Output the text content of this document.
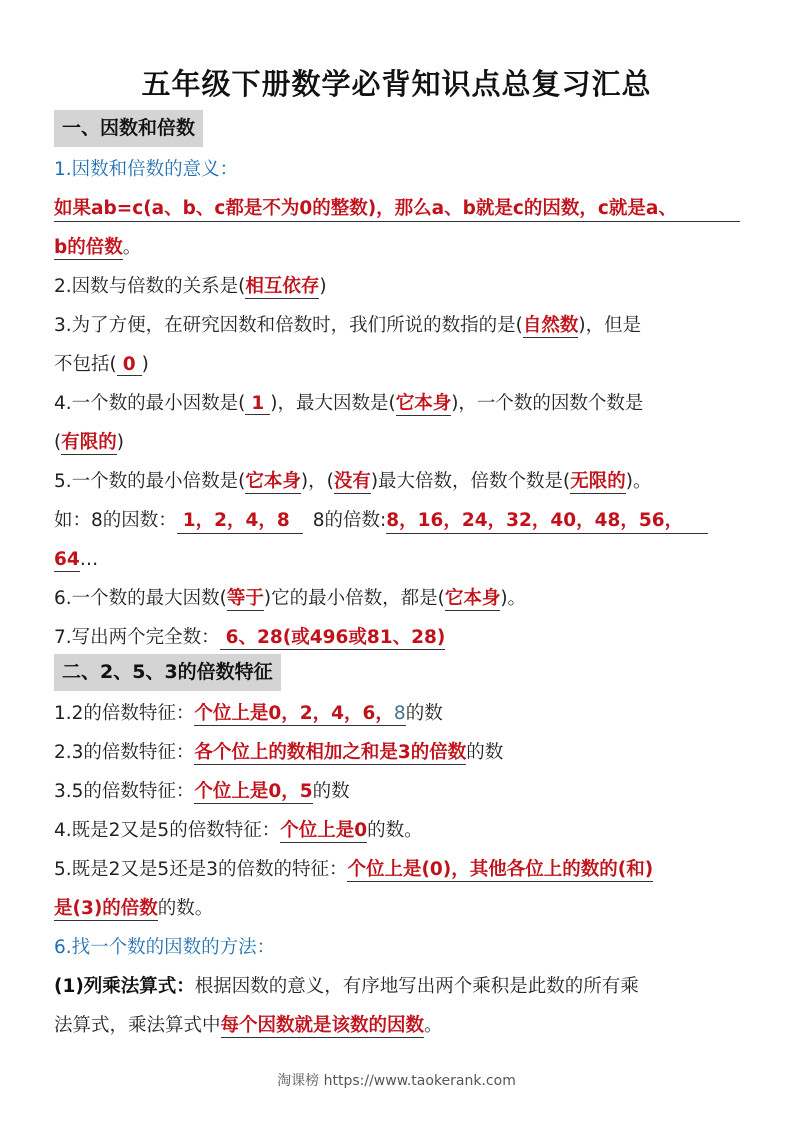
五年级下册数学必背知识点总复习汇总
一、因数和倍数
1.因数和倍数的意义：
如果ab=c(a、b、c都是不为0的整数)，那么a、b就是c的因数，c就是a、
b的倍数。
2.因数与倍数的关系是(相互依存)
3.为了方便，在研究因数和倍数时，我们所说的数指的是(自然数)，但是
不包括( 0 )
4.一个数的最小因数是( 1 )，最大因数是(它本身)，一个数的因数个数是
(有限的)
5.一个数的最小倍数是(它本身)，(没有)最大倍数，倍数个数是(无限的)。
如：8的因数： 1，2，4，8 8的倍数:8，16，24，32，40，48，56，
64…
6.一个数的最大因数(等于)它的最小倍数，都是(它本身)。
7.写出两个完全数： 6、28(或496或81、28)
二、2、5、3的倍数特征
1.2的倍数特征：个位上是0，2，4，6，8的数
2.3的倍数特征：各个位上的数相加之和是3的倍数的数
3.5的倍数特征：个位上是0，5的数
4.既是2又是5的倍数特征：个位上是0的数。
5.既是2又是5还是3的倍数的特征：个位上是(0)，其他各位上的数的(和)
是(3)的倍数的数。
6.找一个数的因数的方法：
(1)列乘法算式：根据因数的意义，有序地写出两个乘积是此数的所有乘
法算式，乘法算式中每个因数就是该数的因数。
淘课榜 https://www.taokerank.com
